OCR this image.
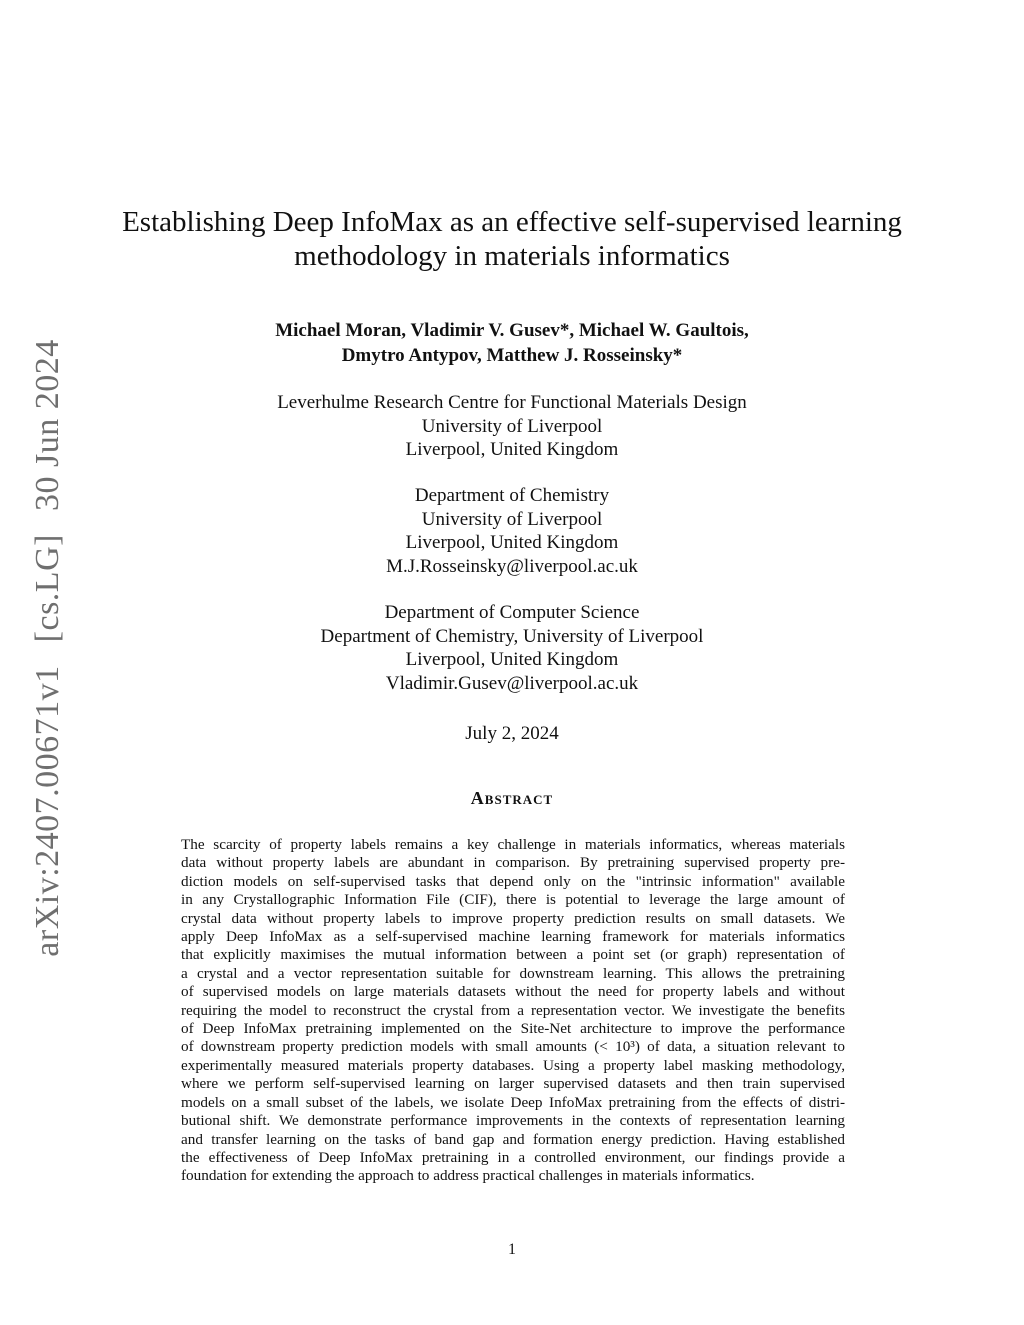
arXiv:2407.00671v1 [cs.LG] 30 Jun 2024
Establishing Deep InfoMax as an effective self-supervised learning
methodology in materials informatics
Michael Moran, Vladimir V. Gusev*, Michael W. Gaultois,
Dmytro Antypov, Matthew J. Rosseinsky*
Leverhulme Research Centre for Functional Materials Design
University of Liverpool
Liverpool, United Kingdom
Department of Chemistry
University of Liverpool
Liverpool, United Kingdom
M.J.Rosseinsky@liverpool.ac.uk
Department of Computer Science
Department of Chemistry, University of Liverpool
Liverpool, United Kingdom
Vladimir.Gusev@liverpool.ac.uk
July 2, 2024
Abstract
The scarcity of property labels remains a key challenge in materials informatics, whereas materials
data without property labels are abundant in comparison. By pretraining supervised property pre-
diction models on self-supervised tasks that depend only on the "intrinsic information" available
in any Crystallographic Information File (CIF), there is potential to leverage the large amount of
crystal data without property labels to improve property prediction results on small datasets. We
apply Deep InfoMax as a self-supervised machine learning framework for materials informatics
that explicitly maximises the mutual information between a point set (or graph) representation of
a crystal and a vector representation suitable for downstream learning. This allows the pretraining
of supervised models on large materials datasets without the need for property labels and without
requiring the model to reconstruct the crystal from a representation vector. We investigate the benefits
of Deep InfoMax pretraining implemented on the Site-Net architecture to improve the performance
of downstream property prediction models with small amounts (< 10³) of data, a situation relevant to
experimentally measured materials property databases. Using a property label masking methodology,
where we perform self-supervised learning on larger supervised datasets and then train supervised
models on a small subset of the labels, we isolate Deep InfoMax pretraining from the effects of distri-
butional shift. We demonstrate performance improvements in the contexts of representation learning
and transfer learning on the tasks of band gap and formation energy prediction. Having established
the effectiveness of Deep InfoMax pretraining in a controlled environment, our findings provide a
foundation for extending the approach to address practical challenges in materials informatics.
1
